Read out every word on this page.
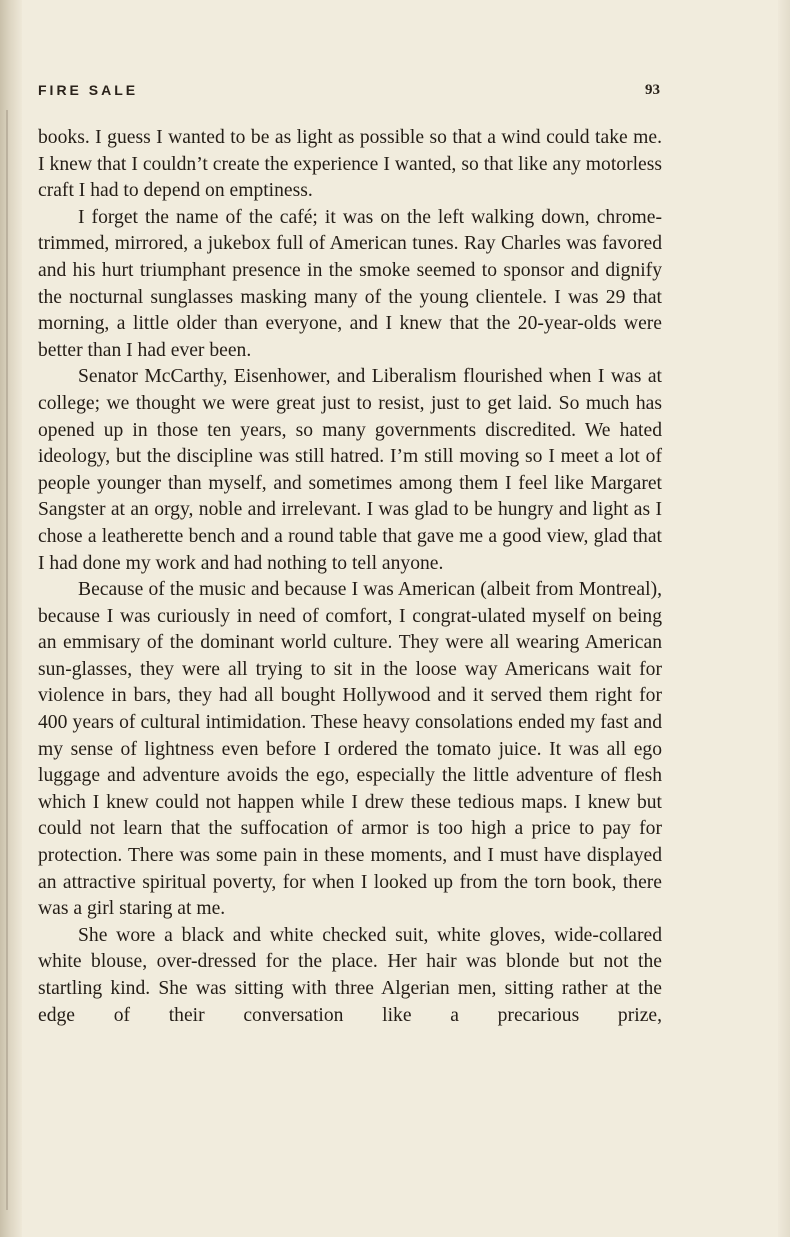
FIRE SALE	93

books. I guess I wanted to be as light as possible so that a wind could take me. I knew that I couldn’t create the experience I wanted, so that like any motorless craft I had to depend on emptiness.

I forget the name of the café; it was on the left walking down, chrome-trimmed, mirrored, a jukebox full of American tunes. Ray Charles was favored and his hurt triumphant presence in the smoke seemed to sponsor and dignify the nocturnal sunglasses masking many of the young clientele. I was 29 that morning, a little older than everyone, and I knew that the 20-year-olds were better than I had ever been.

Senator McCarthy, Eisenhower, and Liberalism flourished when I was at college; we thought we were great just to resist, just to get laid. So much has opened up in those ten years, so many governments discredited. We hated ideology, but the discipline was still hatred. I’m still moving so I meet a lot of people younger than myself, and sometimes among them I feel like Margaret Sangster at an orgy, noble and irrelevant. I was glad to be hungry and light as I chose a leatherette bench and a round table that gave me a good view, glad that I had done my work and had nothing to tell anyone.

Because of the music and because I was American (albeit from Montreal), because I was curiously in need of comfort, I congrat-ulated myself on being an emmisary of the dominant world culture. They were all wearing American sun-glasses, they were all trying to sit in the loose way Americans wait for violence in bars, they had all bought Hollywood and it served them right for 400 years of cultural intimidation. These heavy consolations ended my fast and my sense of lightness even before I ordered the tomato juice. It was all ego luggage and adventure avoids the ego, especially the little adventure of flesh which I knew could not happen while I drew these tedious maps. I knew but could not learn that the suffocation of armor is too high a price to pay for protection. There was some pain in these moments, and I must have displayed an attractive spiritual poverty, for when I looked up from the torn book, there was a girl staring at me.

She wore a black and white checked suit, white gloves, wide-collared white blouse, over-dressed for the place. Her hair was blonde but not the startling kind. She was sitting with three Algerian men, sitting rather at the edge of their conversation like a precarious prize,
